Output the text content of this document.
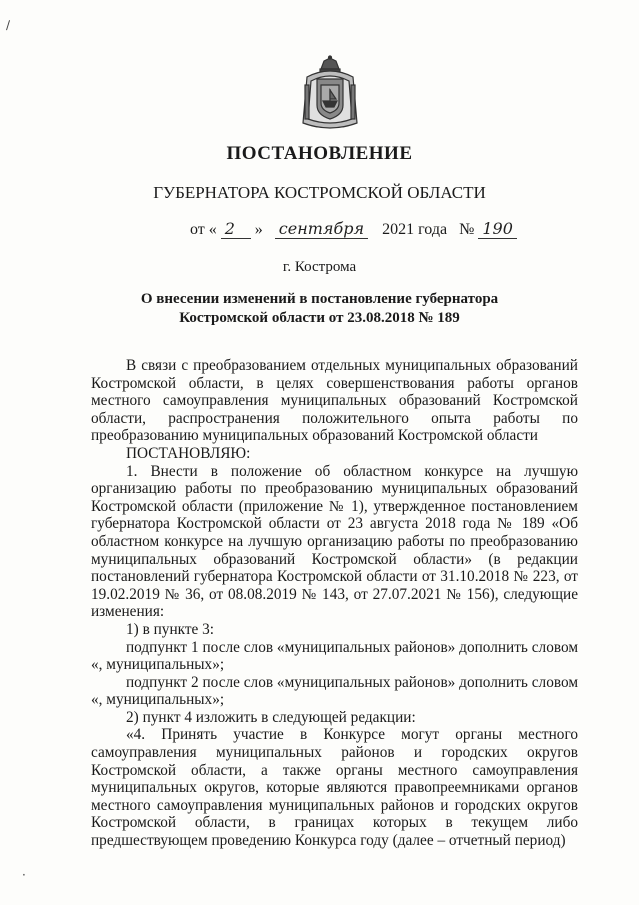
∕
·
ПОСТАНОВЛЕНИЕ
ГУБЕРНАТОРА КОСТРОМСКОЙ ОБЛАСТИ
от « 2 » сентября 2021 года № 190
г. Кострома
О внесении изменений в постановление губернатора
Костромской области от 23.08.2018 № 189

В связи с преобразованием отдельных муниципальных образований Костромской области, в целях совершенствования работы органов местного самоуправления муниципальных образований Костромской области, распространения положительного опыта работы по преобразованию муниципальных образований Костромской области

ПОСТАНОВЛЯЮ:

1. Внести в положение об областном конкурсе на лучшую организацию работы по преобразованию муниципальных образований Костромской области (приложение № 1), утвержденное постановлением губернатора Костромской области от 23 августа 2018 года № 189 «Об областном конкурсе на лучшую организацию работы по преобразованию муниципальных образований Костромской области» (в редакции постановлений губернатора Костромской области от 31.10.2018 № 223, от 19.02.2019 № 36, от 08.08.2019 № 143, от 27.07.2021 № 156), следующие изменения:

1) в пункте 3:

подпункт 1 после слов «муниципальных районов» дополнить словом «, муниципальных»;

подпункт 2 после слов «муниципальных районов» дополнить словом «, муниципальных»;

2) пункт 4 изложить в следующей редакции:

«4. Принять участие в Конкурсе могут органы местного самоуправления муниципальных районов и городских округов Костромской области, а также органы местного самоуправления муниципальных округов, которые являются правопреемниками органов местного самоуправления муниципальных районов и городских округов Костромской области, в границах которых в текущем либо предшествующем проведению Конкурса году (далее – отчетный период)
